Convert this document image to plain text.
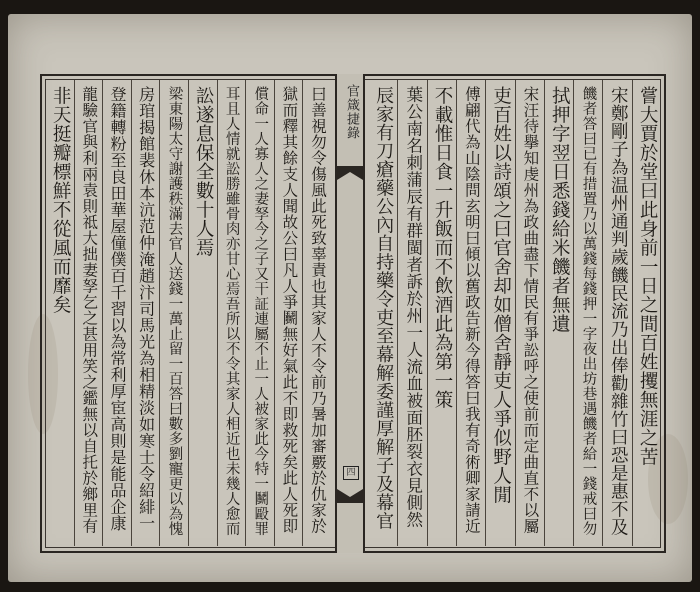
官箴捷錄
四
嘗大賈於堂曰此身前一日之間百姓攫無涯之苦
宋鄭剛子為温州通判歲饑民流乃出俸勸雜竹曰恐是惠不及
饑者答曰已有措置乃以萬錢每錢押一字夜出坊巷遇饑者給一錢戒曰勿
拭押字翌日悉錢給米饑者無遺
宋汪待擧知虔州為政曲盡下情民有爭訟呼之使前而定曲直不以屬
吏百姓以詩頌之曰官舍却如僧舍靜吏人爭似野人閒
傅翩代為山陰問玄明曰傾以舊政告新今得答曰我有奇術卿家請近
不載惟日食一升飯而不飲酒此為第一策
葉公南名刺蒲辰有群閩者訴於州一人流血被面胚裂衣見側然
辰家有刀瘡藥公內自持藥令吏至幕解委謹厚解子及幕官
曰善視勿令傷風此死致辜責也其家人不令前乃暑加審覈於仇家於
獄而釋其餘支人聞故公曰凡人爭鬭無好氣此不即救死矣此人死即
償命一人寡人之妻孥今之子又干証連屬不止一人被家此今特一鬭毆罪
耳且人情就訟勝雖骨肉亦甘心焉吾所以不令其家人相近也未幾人愈而
訟遂息保全數十人焉
梁東陽太守謝護秩滿去官人送錢一萬止留一百答曰數多劉寵更以為愧
房琯揭館裴休本沆范仲淹趙汴司馬光為相精淡如寒士令紹緋一
登籍轉粉至良田華屋僮僕百千習以為常利厚宦高則是能品企康
龍驗官與利兩袁則祗大拙妻孥乞之甚用笑之鑑無以自托於鄉里有
非天挺瓣標鮮不從風而靡矣
